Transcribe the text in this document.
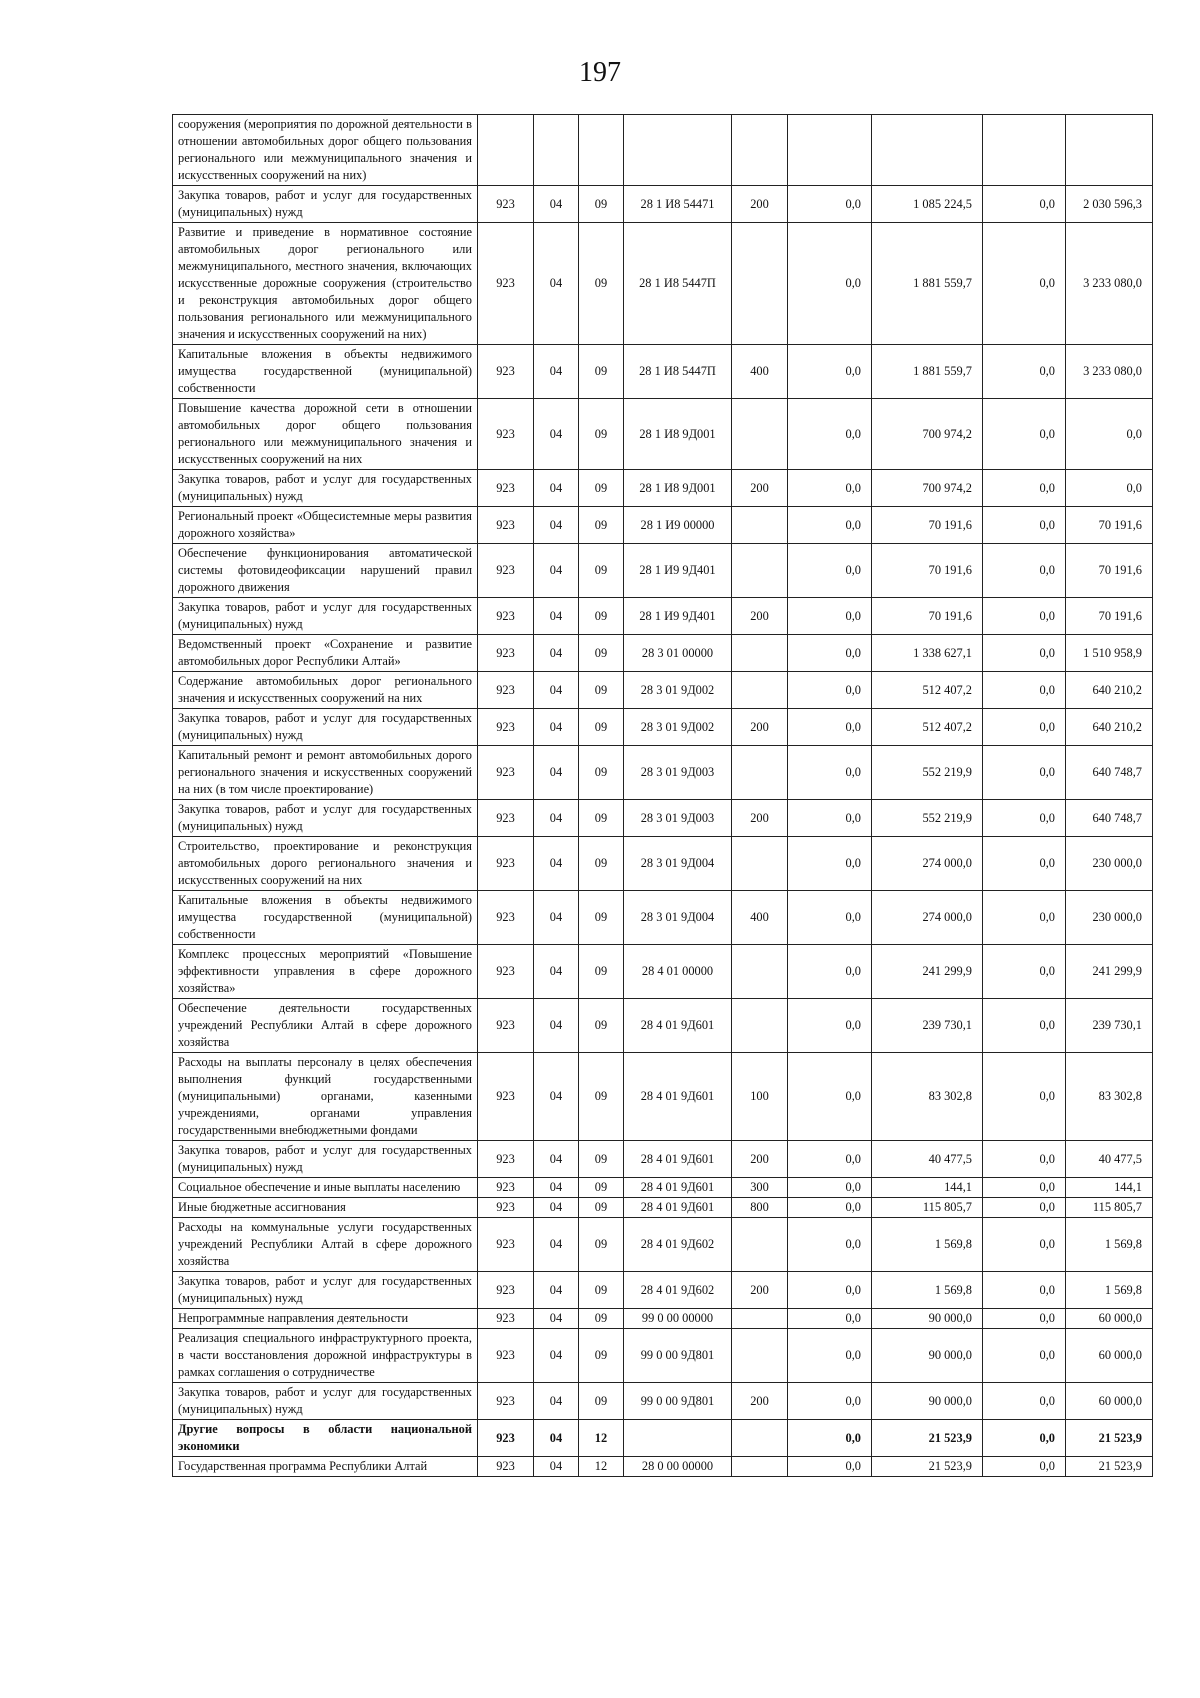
197
сооружения (мероприятия по дорожной деятельности в отношении автомобильных дорог общего пользования регионального или межмуниципального значения и искусственных сооружений на них)									
Закупка товаров, работ и услуг для государственных (муниципальных) нужд	923	04	09	28 1 И8 54471	200	0,0	1 085 224,5	0,0	2 030 596,3
Развитие и приведение в нормативное состояние автомобильных дорог регионального или межмуниципального, местного значения, включающих искусственные дорожные сооружения (строительство и реконструкция автомобильных дорог общего пользования регионального или межмуниципального значения и искусственных сооружений на них)	923	04	09	28 1 И8 5447П		0,0	1 881 559,7	0,0	3 233 080,0
Капитальные вложения в объекты недвижимого имущества государственной (муниципальной) собственности	923	04	09	28 1 И8 5447П	400	0,0	1 881 559,7	0,0	3 233 080,0
Повышение качества дорожной сети в отношении автомобильных дорог общего пользования регионального или межмуниципального значения и искусственных сооружений на них	923	04	09	28 1 И8 9Д001		0,0	700 974,2	0,0	0,0
Закупка товаров, работ и услуг для государственных (муниципальных) нужд	923	04	09	28 1 И8 9Д001	200	0,0	700 974,2	0,0	0,0
Региональный проект «Общесистемные меры развития дорожного хозяйства»	923	04	09	28 1 И9 00000		0,0	70 191,6	0,0	70 191,6
Обеспечение функционирования автоматической системы фотовидеофиксации нарушений правил дорожного движения	923	04	09	28 1 И9 9Д401		0,0	70 191,6	0,0	70 191,6
Закупка товаров, работ и услуг для государственных (муниципальных) нужд	923	04	09	28 1 И9 9Д401	200	0,0	70 191,6	0,0	70 191,6
Ведомственный проект «Сохранение и развитие автомобильных дорог Республики Алтай»	923	04	09	28 3 01 00000		0,0	1 338 627,1	0,0	1 510 958,9
Содержание автомобильных дорог регионального значения и искусственных сооружений на них	923	04	09	28 3 01 9Д002		0,0	512 407,2	0,0	640 210,2
Закупка товаров, работ и услуг для государственных (муниципальных) нужд	923	04	09	28 3 01 9Д002	200	0,0	512 407,2	0,0	640 210,2
Капитальный ремонт и ремонт автомобильных дорого регионального значения и искусственных сооружений на них (в том числе проектирование)	923	04	09	28 3 01 9Д003		0,0	552 219,9	0,0	640 748,7
Закупка товаров, работ и услуг для государственных (муниципальных) нужд	923	04	09	28 3 01 9Д003	200	0,0	552 219,9	0,0	640 748,7
Строительство, проектирование и реконструкция автомобильных дорого регионального значения и искусственных сооружений на них	923	04	09	28 3 01 9Д004		0,0	274 000,0	0,0	230 000,0
Капитальные вложения в объекты недвижимого имущества государственной (муниципальной) собственности	923	04	09	28 3 01 9Д004	400	0,0	274 000,0	0,0	230 000,0
Комплекс процессных мероприятий «Повышение эффективности управления в сфере дорожного хозяйства»	923	04	09	28 4 01 00000		0,0	241 299,9	0,0	241 299,9
Обеспечение деятельности государственных учреждений Республики Алтай в сфере дорожного хозяйства	923	04	09	28 4 01 9Д601		0,0	239 730,1	0,0	239 730,1
Расходы на выплаты персоналу в целях обеспечения выполнения функций государственными (муниципальными) органами, казенными учреждениями, органами управления государственными внебюджетными фондами	923	04	09	28 4 01 9Д601	100	0,0	83 302,8	0,0	83 302,8
Закупка товаров, работ и услуг для государственных (муниципальных) нужд	923	04	09	28 4 01 9Д601	200	0,0	40 477,5	0,0	40 477,5
Социальное обеспечение и иные выплаты населению	923	04	09	28 4 01 9Д601	300	0,0	144,1	0,0	144,1
Иные бюджетные ассигнования	923	04	09	28 4 01 9Д601	800	0,0	115 805,7	0,0	115 805,7
Расходы на коммунальные услуги государственных учреждений Республики Алтай в сфере дорожного хозяйства	923	04	09	28 4 01 9Д602		0,0	1 569,8	0,0	1 569,8
Закупка товаров, работ и услуг для государственных (муниципальных) нужд	923	04	09	28 4 01 9Д602	200	0,0	1 569,8	0,0	1 569,8
Непрограммные направления деятельности	923	04	09	99 0 00 00000		0,0	90 000,0	0,0	60 000,0
Реализация специального инфраструктурного проекта, в части восстановления дорожной инфраструктуры в рамках соглашения о сотрудничестве	923	04	09	99 0 00 9Д801		0,0	90 000,0	0,0	60 000,0
Закупка товаров, работ и услуг для государственных (муниципальных) нужд	923	04	09	99 0 00 9Д801	200	0,0	90 000,0	0,0	60 000,0
Другие вопросы в области национальной экономики	923	04	12			0,0	21 523,9	0,0	21 523,9
Государственная программа Республики Алтай	923	04	12	28 0 00 00000		0,0	21 523,9	0,0	21 523,9
